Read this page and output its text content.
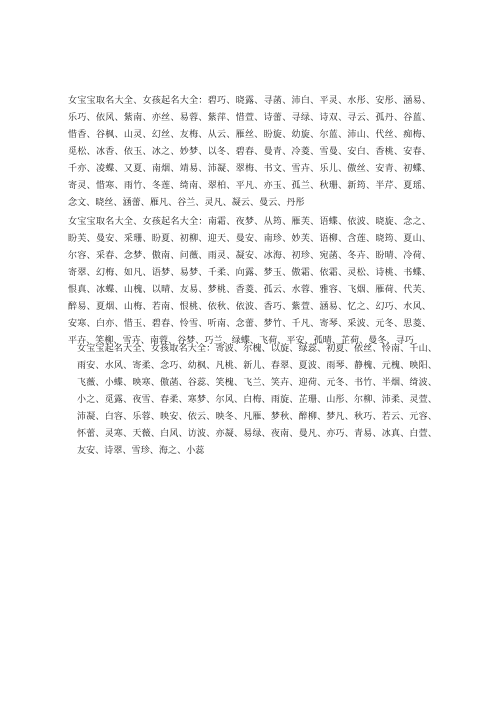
女宝宝取名大全、女孩起名大全：碧巧、晓露、寻菡、沛白、平灵、水彤、安彤、涵易、乐巧、依风、紫南、亦丝、易蓉、紫萍、惜萱、诗蕾、寻绿、诗双、寻云、孤丹、谷蓝、惜香、谷枫、山灵、幻丝、友梅、从云、雁丝、盼旋、幼旋、尔蓝、沛山、代丝、痴梅、觅松、冰香、依玉、冰之、妙梦、以冬、碧春、曼青、冷菱、雪曼、安白、香桃、安春、千亦、凌蝶、又夏、南烟、靖易、沛凝、翠梅、书文、雪卉、乐儿、傲丝、安青、初蝶、寄灵、惜寒、雨竹、冬莲、绮南、翠柏、平凡、亦玉、孤兰、秋珊、新筠、半芹、夏瑶、念文、晓丝、涵蕾、雁凡、谷兰、灵凡、凝云、曼云、丹彤

女宝宝取名大全、女孩起名大全：南霜、夜梦、从筠、雁芙、语蝶、依波、晓旋、念之、盼芙、曼安、采珊、盼夏、初柳、迎天、曼安、南珍、妙芙、语柳、含莲、晓筠、夏山、尔容、采春、念梦、傲南、问薇、雨灵、凝安、冰海、初珍、宛菡、冬卉、盼晴、冷荷、寄翠、幻梅、如凡、语梦、易梦、千柔、向露、梦玉、傲霜、依霜、灵松、诗桃、书蝶、恨真、冰蝶、山槐、以晴、友易、梦桃、香菱、孤云、水蓉、雅容、飞烟、雁荷、代芙、醉易、夏烟、山梅、若南、恨桃、依秋、依波、香巧、紫萱、涵易、忆之、幻巧、水风、安寒、白亦、惜玉、碧春、怜雪、听南、念蕾、梦竹、千凡、寄琴、采波、元冬、思菱、平卉、笑柳、雪卉、南蓉、谷梦、巧兰、绿蝶、飞荷、平安、孤晴、芷荷、曼冬、寻巧

女宝宝起名大全、女孩取名大全：寄波、尔槐、以旋、绿蕊、初夏、依丝、怜南、千山、雨安、水风、寄柔、念巧、幼枫、凡桃、新儿、春翠、夏波、雨琴、静槐、元槐、映阳、飞薇、小蝶、映寒、傲菡、谷蕊、笑槐、飞兰、笑卉、迎荷、元冬、书竹、半烟、绮波、小之、觅露、夜雪、春柔、寒梦、尔风、白梅、雨旋、芷珊、山彤、尔柳、沛柔、灵萱、沛凝、白容、乐蓉、映安、依云、映冬、凡雁、梦秋、醉柳、梦凡、秋巧、若云、元容、怀蕾、灵寒、天薇、白风、访波、亦凝、易绿、夜南、曼凡、亦巧、青易、冰真、白萱、友安、诗翠、雪珍、海之、小蕊
